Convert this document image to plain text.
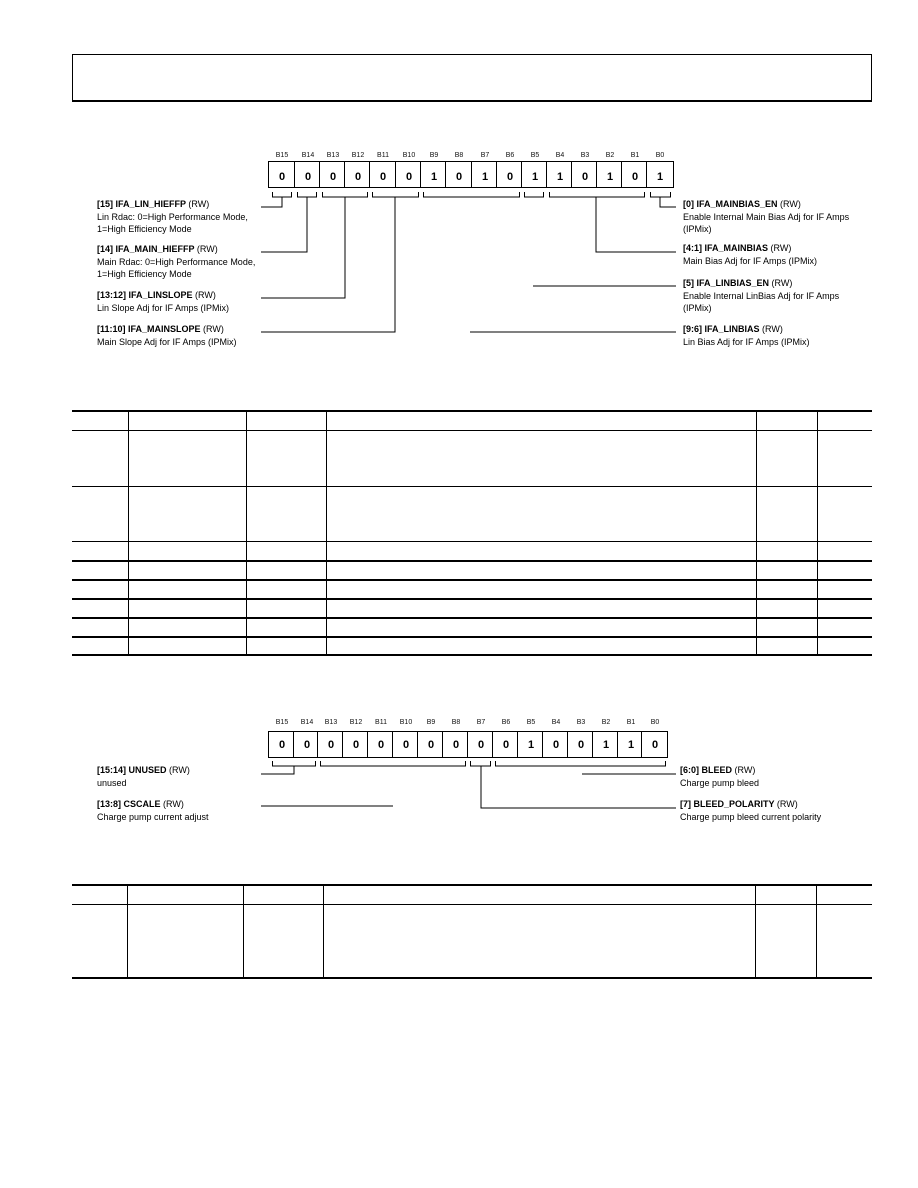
B15	B14	B13	B12	B11	B10	B9	B8	B7	B6	B5	B4	B3	B2	B1	B0
0	0	0	0	0	0	1	0	1	0	1	1	0	1	0	1
[15] IFA_LIN_HIEFFP (RW)
Lin Rdac: 0=High Performance Mode,
1=High Efficiency Mode
[14] IFA_MAIN_HIEFFP (RW)
Main Rdac: 0=High Performance Mode,
1=High Efficiency Mode
[13:12] IFA_LINSLOPE (RW)
Lin Slope Adj for IF Amps (IPMix)
[11:10] IFA_MAINSLOPE (RW)
Main Slope Adj for IF Amps (IPMix)
[0] IFA_MAINBIAS_EN (RW)
Enable Internal Main Bias Adj for IF Amps
(IPMix)
[4:1] IFA_MAINBIAS (RW)
Main Bias Adj for IF Amps (IPMix)
[5] IFA_LINBIAS_EN (RW)
Enable Internal LinBias Adj for IF Amps
(IPMix)
[9:6] IFA_LINBIAS (RW)
Lin Bias Adj for IF Amps (IPMix)
B15	B14	B13	B12	B11	B10	B9	B8	B7	B6	B5	B4	B3	B2	B1	B0
0	0	0	0	0	0	0	0	0	0	1	0	0	1	1	0
[15:14] UNUSED (RW)
unused
[13:8] CSCALE (RW)
Charge pump current adjust
[6:0] BLEED (RW)
Charge pump bleed
[7] BLEED_POLARITY (RW)
Charge pump bleed current polarity
